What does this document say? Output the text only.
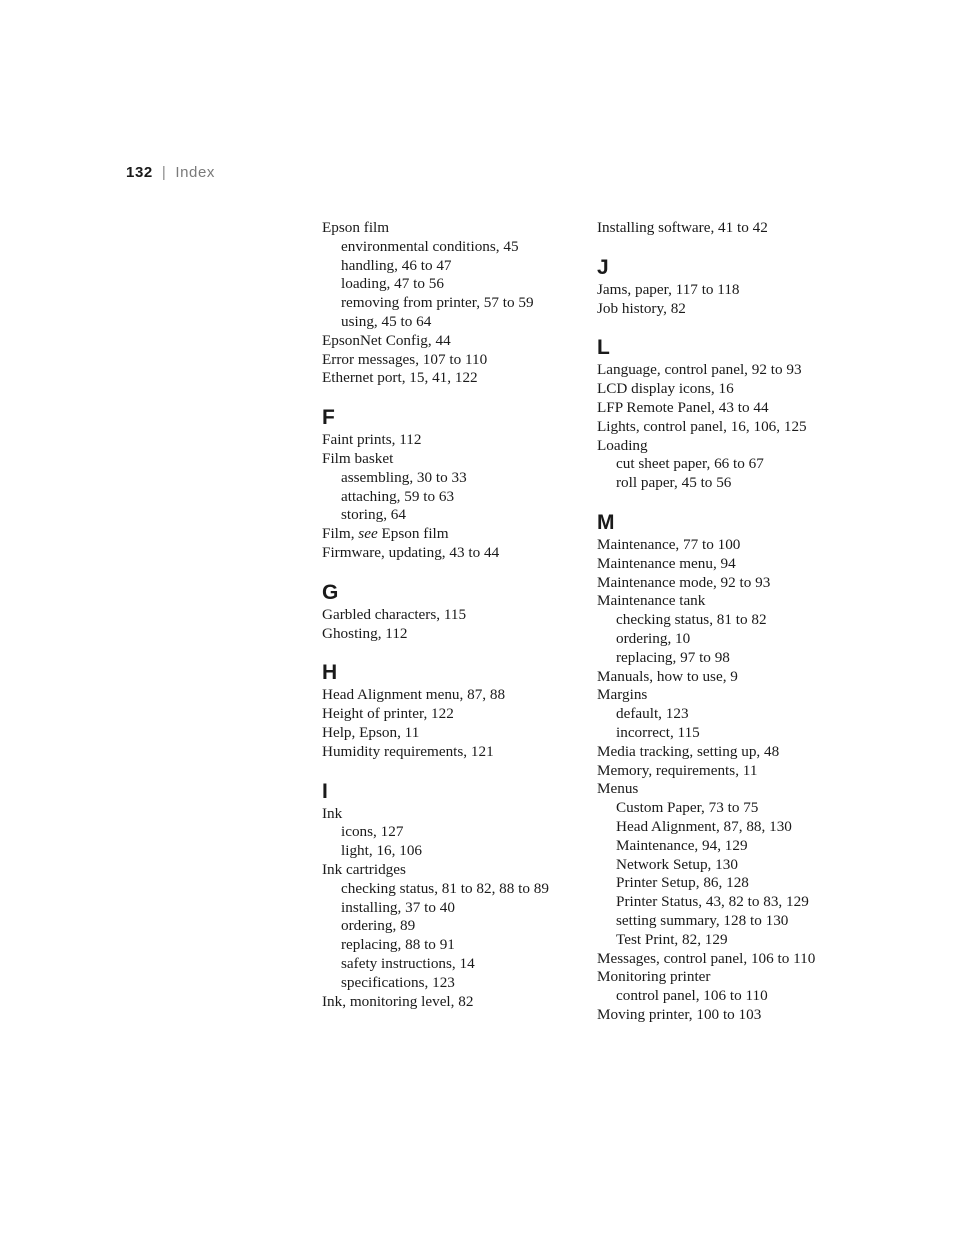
132 | Index
Epson film
environmental conditions, 45
handling, 46 to 47
loading, 47 to 56
removing from printer, 57 to 59
using, 45 to 64
EpsonNet Config, 44
Error messages, 107 to 110
Ethernet port, 15, 41, 122
F
Faint prints, 112
Film basket
assembling, 30 to 33
attaching, 59 to 63
storing, 64
Film, see Epson film
Firmware, updating, 43 to 44
G
Garbled characters, 115
Ghosting, 112
H
Head Alignment menu, 87, 88
Height of printer, 122
Help, Epson, 11
Humidity requirements, 121
I
Ink
icons, 127
light, 16, 106
Ink cartridges
checking status, 81 to 82, 88 to 89
installing, 37 to 40
ordering, 89
replacing, 88 to 91
safety instructions, 14
specifications, 123
Ink, monitoring level, 82
Installing software, 41 to 42
J
Jams, paper, 117 to 118
Job history, 82
L
Language, control panel, 92 to 93
LCD display icons, 16
LFP Remote Panel, 43 to 44
Lights, control panel, 16, 106, 125
Loading
cut sheet paper, 66 to 67
roll paper, 45 to 56
M
Maintenance, 77 to 100
Maintenance menu, 94
Maintenance mode, 92 to 93
Maintenance tank
checking status, 81 to 82
ordering, 10
replacing, 97 to 98
Manuals, how to use, 9
Margins
default, 123
incorrect, 115
Media tracking, setting up, 48
Memory, requirements, 11
Menus
Custom Paper, 73 to 75
Head Alignment, 87, 88, 130
Maintenance, 94, 129
Network Setup, 130
Printer Setup, 86, 128
Printer Status, 43, 82 to 83, 129
setting summary, 128 to 130
Test Print, 82, 129
Messages, control panel, 106 to 110
Monitoring printer
control panel, 106 to 110
Moving printer, 100 to 103
